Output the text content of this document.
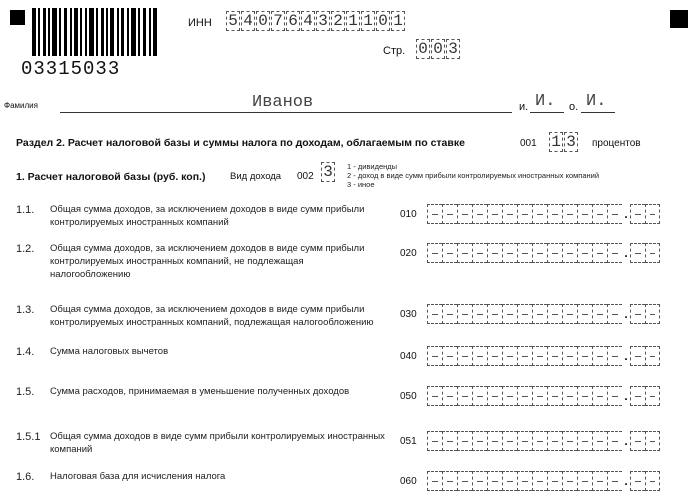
03315033
ИНН 5 4 0 7 6 4 3 2 1 1 0 1
Стр. 0 0 3
Фамилия	Иванов	и. И. о. И.
Раздел 2. Расчет налоговой базы и суммы налога по доходам, облагаемым по ставке	001 1 3 процентов
1. Расчет налоговой базы (руб. коп.)	Вид дохода 002 3 1 - дивиденды
2 - доход в виде сумм прибыли контролируемых иностранных компаний
3 - иное
1.1. Общая сумма доходов, за исключением доходов в виде сумм прибыли контролируемых иностранных компаний
010	.
1.2. Общая сумма доходов, за исключением доходов в виде сумм прибыли контролируемых иностранных компаний, не подлежащая налогообложению
020	.
1.3. Общая сумма доходов, за исключением доходов в виде сумм прибыли контролируемых иностранных компаний, подлежащая налогообложению
030	.
1.4. Сумма налоговых вычетов	040	.
1.5. Сумма расходов, принимаемая в уменьшение полученных доходов	050	.
1.5.1 Общая сумма доходов в виде сумм прибыли контролируемых иностранных компаний
051	.
1.6. Налоговая база для исчисления налога	060	.
